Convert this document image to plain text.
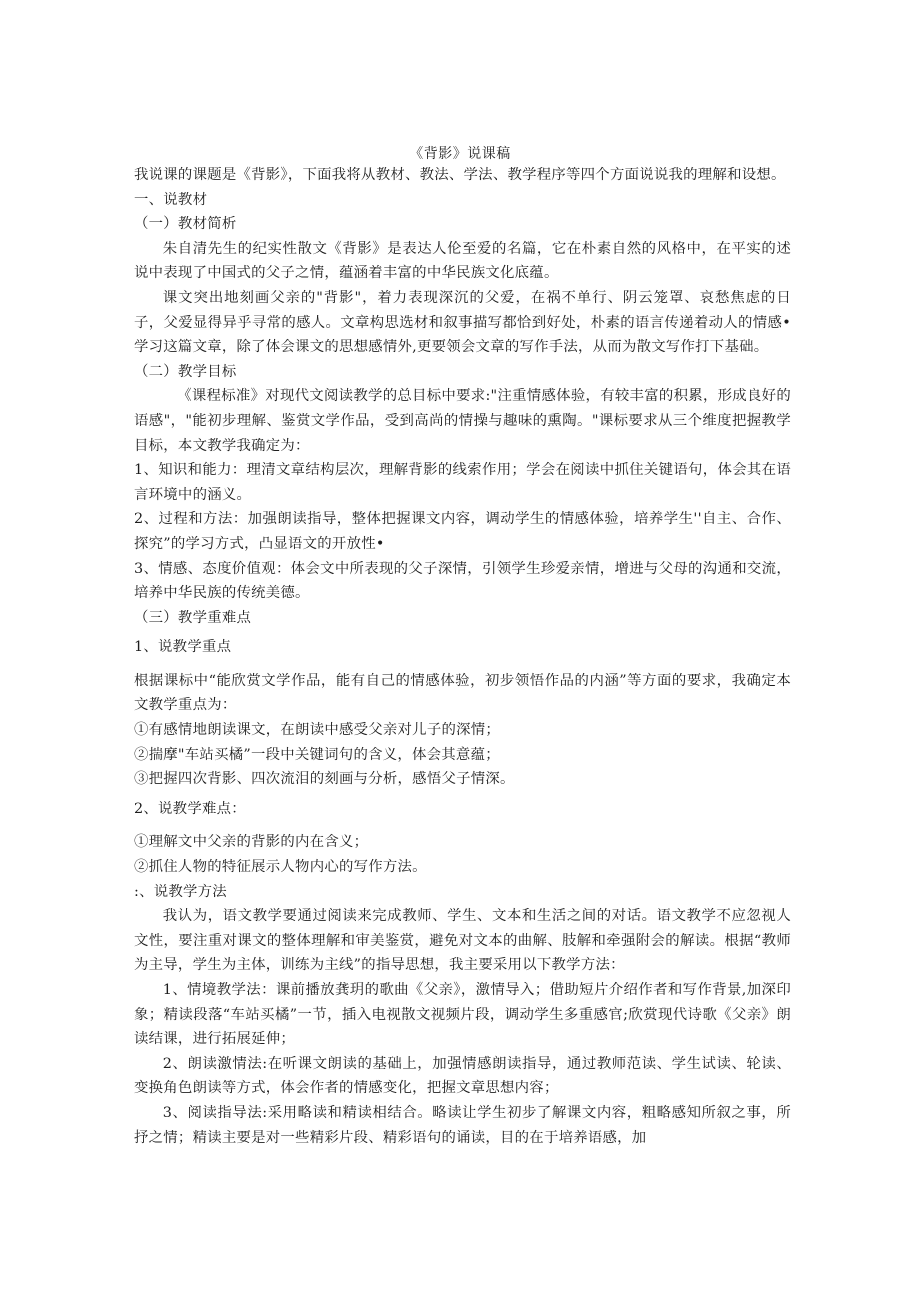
《背影》说课稿

我说课的课题是《背影》，下面我将从教材、教法、学法、教学程序等四个方面说说我的理解和设想。

一、说教材

（一）教材简析

朱自清先生的纪实性散文《背影》是表达人伦至爱的名篇，它在朴素自然的风格中，在平实的述说中表现了中国式的父子之情，蕴涵着丰富的中华民族文化底蕴。

课文突出地刻画父亲的"背影"，着力表现深沉的父爱，在祸不单行、阴云笼罩、哀愁焦虑的日子，父爱显得异乎寻常的感人。文章构思选材和叙事描写都恰到好处，朴素的语言传递着动人的情感•学习这篇文章，除了体会课文的思想感情外,更要领会文章的写作手法，从而为散文写作打下基础。

（二）教学目标

《课程标准》对现代文阅读教学的总目标中要求:"注重情感体验，有较丰富的积累，形成良好的语感"，"能初步理解、鉴赏文学作品，受到高尚的情操与趣味的熏陶。"课标要求从三个维度把握教学目标，本文教学我确定为：

1、知识和能力：理清文章结构层次，理解背影的线索作用；学会在阅读中抓住关键语句，体会其在语言环境中的涵义。

2、过程和方法：加强朗读指导，整体把握课文内容，调动学生的情感体验，培养学生''自主、合作、探究”的学习方式，凸显语文的开放性•

3、情感、态度价值观：体会文中所表现的父子深情，引领学生珍爱亲情，增进与父母的沟通和交流，培养中华民族的传统美德。

（三）教学重难点

1、说教学重点

根据课标中“能欣赏文学作品，能有自己的情感体验，初步领悟作品的内涵”等方面的要求，我确定本文教学重点为：

①有感情地朗读课文，在朗读中感受父亲对儿子的深情；

②揣摩"车站买橘”一段中关键词句的含义，体会其意蕴；

③把握四次背影、四次流泪的刻画与分析，感悟父子情深。

2、说教学难点：

①理解文中父亲的背影的内在含义；

②抓住人物的特征展示人物内心的写作方法。

:、说教学方法

我认为，语文教学要通过阅读来完成教师、学生、文本和生活之间的对话。语文教学不应忽视人文性，要注重对课文的整体理解和审美鉴赏，避免对文本的曲解、肢解和牵强附会的解读。根据“教师为主导，学生为主体，训练为主线”的指导思想，我主要采用以下教学方法：

1、情境教学法：课前播放龚玥的歌曲《父亲》，激情导入；借助短片介绍作者和写作背景,加深印象；精读段落“车站买橘”一节，插入电视散文视频片段，调动学生多重感官;欣赏现代诗歌《父亲》朗读结课，进行拓展延伸；

2、朗读激情法:在听课文朗读的基础上，加强情感朗读指导，通过教师范读、学生试读、轮读、变换角色朗读等方式，体会作者的情感变化，把握文章思想内容；

3、阅读指导法:采用略读和精读相结合。略读让学生初步了解课文内容，粗略感知所叙之事，所抒之情；精读主要是对一些精彩片段、精彩语句的诵读，目的在于培养语感，加
